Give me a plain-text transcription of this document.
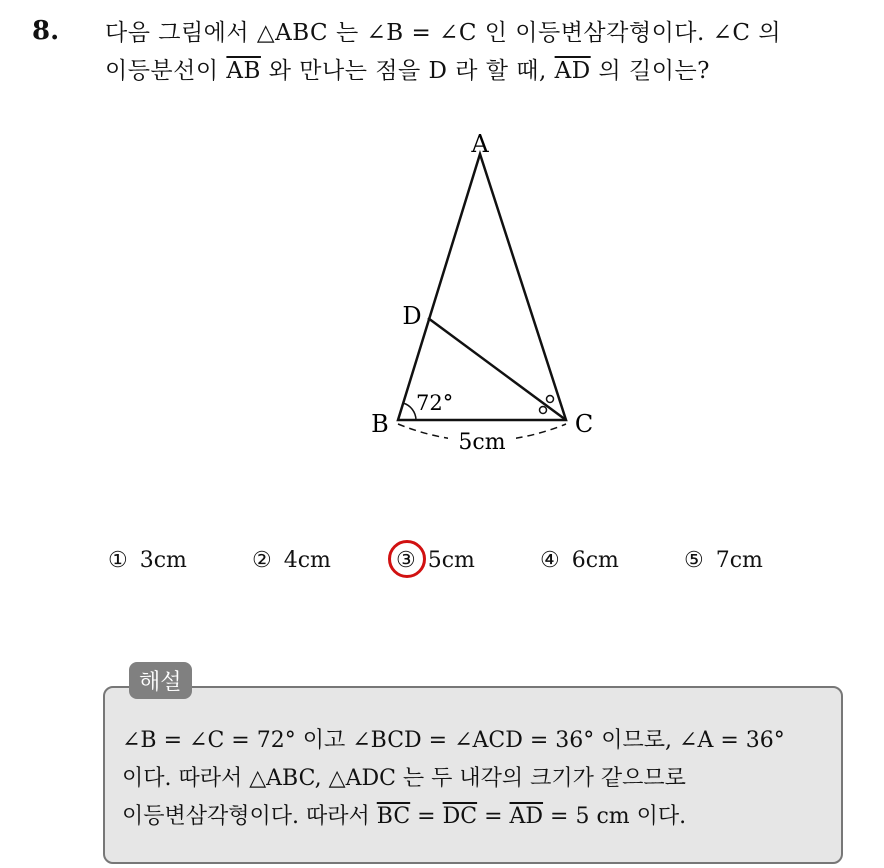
8. 다음 그림에서 △ABC 는 ∠B = ∠C 인 이등변삼각형이다. ∠C 의
이등분선이 $\overline{AB}$ 와 만나는 점을 D 라 할 때, $\overline{AD}$ 의 길이는?
A
B	C
D
72°
5cm
① 3cm	② 4cm	③ 5cm	④ 6cm	⑤ 7cm
해설
∠B = ∠C = 72° 이고 ∠BCD = ∠ACD = 36° 이므로, ∠A = 36°
이다. 따라서 △ABC, △ADC 는 두 내각의 크기가 같으므로
이등변삼각형이다. 따라서 $\overline{BC} = \overline{DC} = \overline{AD} = 5$ cm 이다.
